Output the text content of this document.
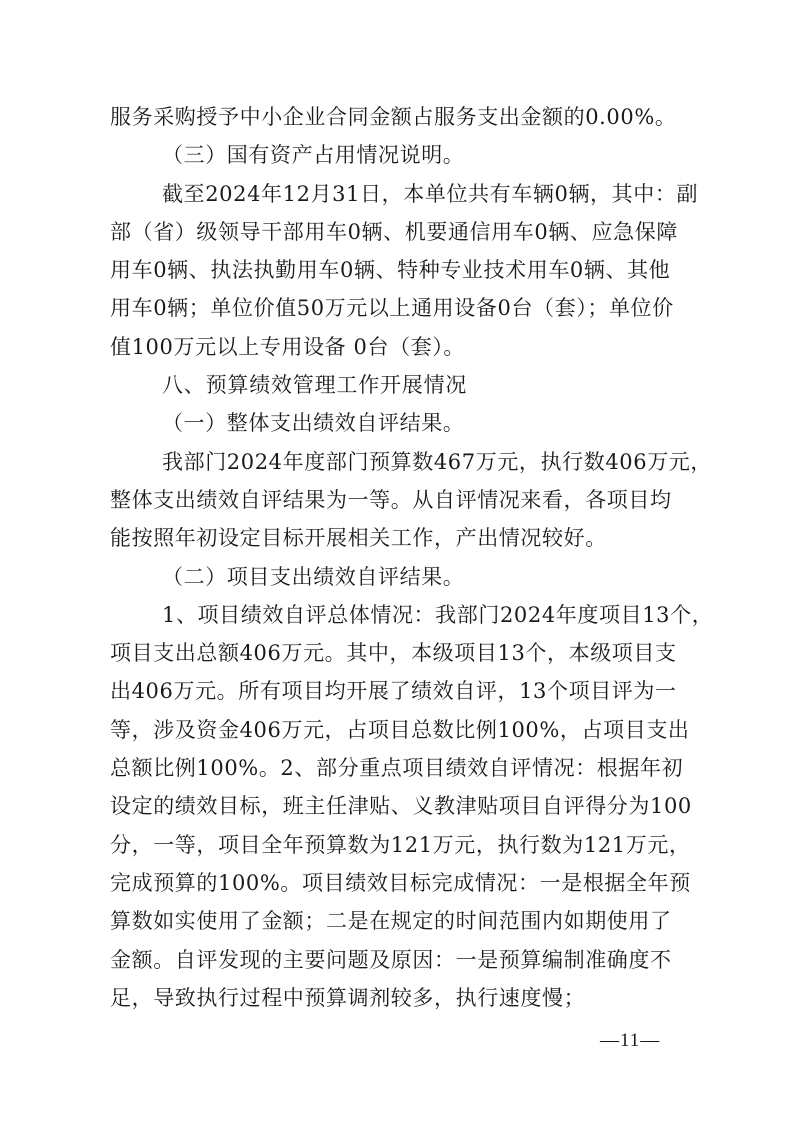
服务采购授予中小企业合同金额占服务支出金额的0.00%。
（三）国有资产占用情况说明。
截至2024年12月31日，本单位共有车辆0辆，其中：副
部（省）级领导干部用车0辆、机要通信用车0辆、应急保障
用车0辆、执法执勤用车0辆、特种专业技术用车0辆、其他
用车0辆；单位价值50万元以上通用设备0台（套）；单位价
值100万元以上专用设备 0台（套）。
八、预算绩效管理工作开展情况
（一）整体支出绩效自评结果。
我部门2024年度部门预算数467万元，执行数406万元，
整体支出绩效自评结果为一等。从自评情况来看，各项目均
能按照年初设定目标开展相关工作，产出情况较好。
（二）项目支出绩效自评结果。
1、项目绩效自评总体情况：我部门2024年度项目13个，
项目支出总额406万元。其中，本级项目13个，本级项目支
出406万元。所有项目均开展了绩效自评，13个项目评为一
等，涉及资金406万元，占项目总数比例100%，占项目支出
总额比例100%。2、部分重点项目绩效自评情况：根据年初
设定的绩效目标，班主任津贴、义教津贴项目自评得分为100
分，一等，项目全年预算数为121万元，执行数为121万元，
完成预算的100%。项目绩效目标完成情况：一是根据全年预
算数如实使用了金额；二是在规定的时间范围内如期使用了
金额。自评发现的主要问题及原因：一是预算编制准确度不
足，导致执行过程中预算调剂较多，执行速度慢；
—11—
